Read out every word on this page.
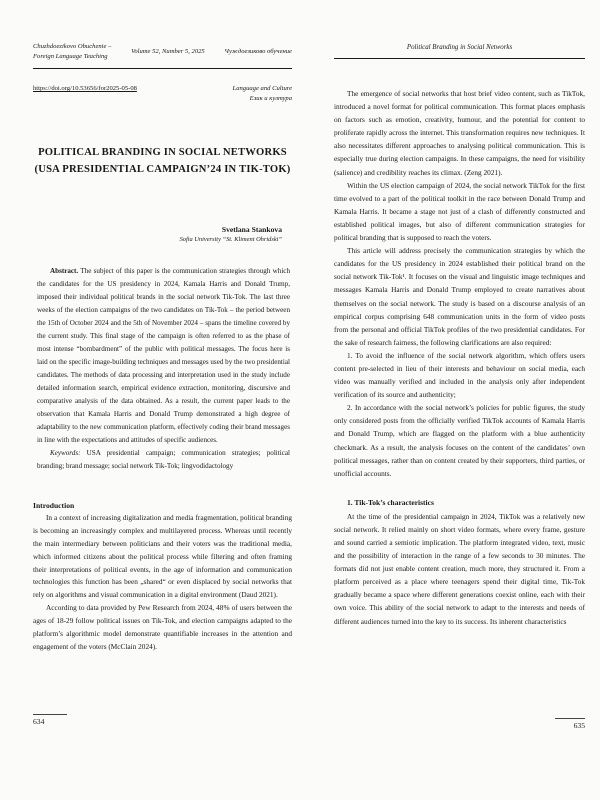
Chuzhdoezikovo Obuchenie –
Foreign Language Teaching
Volume 52, Number 5, 2025	Чуждоезиково обучение
https://doi.org/10.53656/for2025-05-08	Language and Culture
Език и култура
POLITICAL BRANDING IN SOCIAL NETWORKS
(USA PRESIDENTIAL CAMPAIGN’24 IN TIK-TOK)
Svetlana Stankova
Sofia University “St. Kliment Ohridski”

Abstract. The subject of this paper is the communication strategies through which the candidates for the US presidency in 2024, Kamala Harris and Donald Trump, imposed their individual political brands in the social network Tik-Tok. The last three weeks of the election campaigns of the two candidates on Tik-Tok – the period between the 15th of October 2024 and the 5th of November 2024 – spans the timeline covered by the current study. This final stage of the campaign is often referred to as the phase of most intense “bombardment” of the public with political messages. The focus here is laid on the specific image-building techniques and messages used by the two presidential candidates. The methods of data processing and interpretation used in the study include detailed information search, empirical evidence extraction, monitoring, discursive and comparative analysis of the data obtained. As a result, the current paper leads to the observation that Kamala Harris and Donald Trump demonstrated a high degree of adaptability to the new communication platform, effectively coding their brand messages in line with the expectations and attitudes of specific audiences.

Keywords: USA presidential campaign; communication strategies; political branding; brand message; social network Tik-Tok; lingvodidactology

Introduction

In a context of increasing digitalization and media fragmentation, political branding is becoming an increasingly complex and multilayered process. Whereas until recently the main intermediary between politicians and their voters was the traditional media, which informed citizens about the political process while filtering and often framing their interpretations of political events, in the age of information and communication technologies this function has been „shared“ or even displaced by social networks that rely on algorithms and visual communication in a digital environment (Daud 2021).

According to data provided by Pew Research from 2024, 48% of users between the ages of 18-29 follow political issues on Tik-Tok, and election campaigns adapted to the platform’s algorithmic model demonstrate quantifiable increases in the attention and engagement of the voters (McClain 2024).

634
Political Branding in Social Networks

The emergence of social networks that host brief video content, such as TikTok, introduced a novel format for political communication. This format places emphasis on factors such as emotion, creativity, humour, and the potential for content to proliferate rapidly across the internet. This transformation requires new techniques. It also necessitates different approaches to analysing political communication. This is especially true during election campaigns. In these campaigns, the need for visibility (salience) and credibility reaches its climax. (Zeng 2021).

Within the US election campaign of 2024, the social network TikTok for the first time evolved to a part of the political toolkit in the race between Donald Trump and Kamala Harris. It became a stage not just of a clash of differently constructed and established political images, but also of different communication strategies for political branding that is supposed to reach the voters.

This article will address precisely the communication strategies by which the candidates for the US presidency in 2024 established their political brand on the social network Tik-Tok¹. It focuses on the visual and linguistic image techniques and messages Kamala Harris and Donald Trump employed to create narratives about themselves on the social network. The study is based on a discourse analysis of an empirical corpus comprising 648 communication units in the form of video posts from the personal and official TikTok profiles of the two presidential candidates. For the sake of research fairness, the following clarifications are also required:

1. To avoid the influence of the social network algorithm, which offers users content pre-selected in lieu of their interests and behaviour on social media, each video was manually verified and included in the analysis only after independent verification of its source and authenticity;

2. In accordance with the social network’s policies for public figures, the study only considered posts from the officially verified TikTok accounts of Kamala Harris and Donald Trump, which are flagged on the platform with a blue authenticity checkmark. As a result, the analysis focuses on the content of the candidates’ own political messages, rather than on content created by their supporters, third parties, or unofficial accounts.

1. Tik-Tok’s characteristics

At the time of the presidential campaign in 2024, TikTok was a relatively new social network. It relied mainly on short video formats, where every frame, gesture and sound carried a semiotic implication. The platform integrated video, text, music and the possibility of interaction in the range of a few seconds to 30 minutes. The formats did not just enable content creation, much more, they structured it. From a platform perceived as a place where teenagers spend their digital time, Tik-Tok gradually became a space where different generations coexist online, each with their own voice. This ability of the social network to adapt to the interests and needs of different audiences turned into the key to its success. Its inherent characteristics

635
